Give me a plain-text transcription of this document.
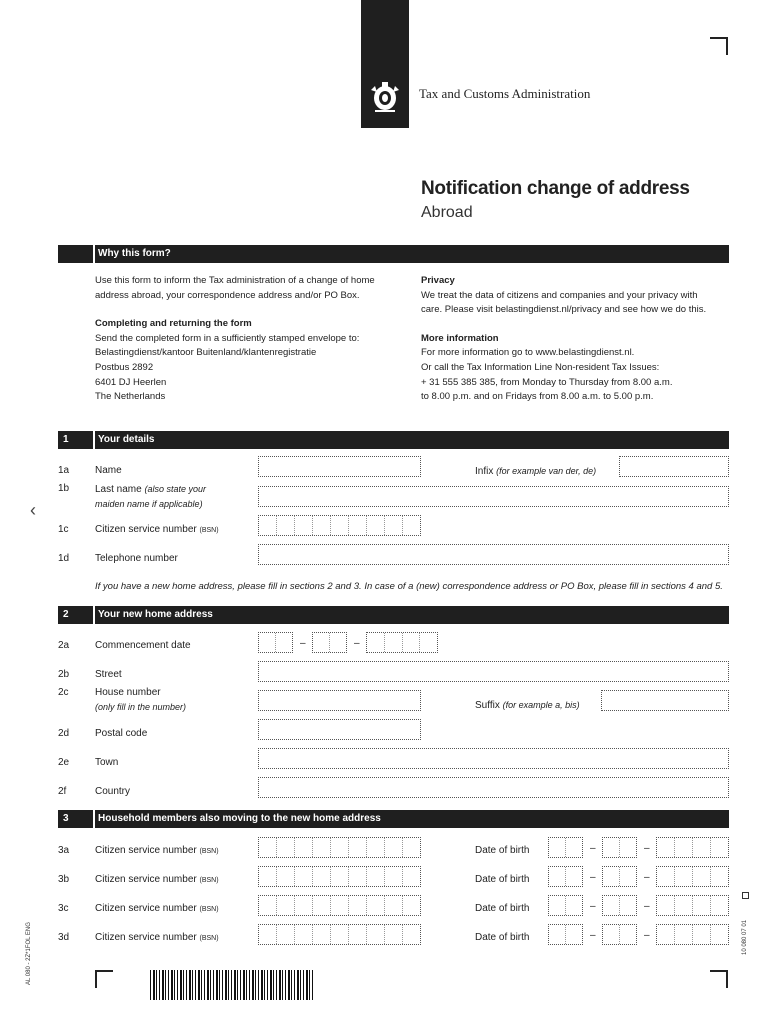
Tax and Customs Administration
Notification change of address
Abroad
Why this form?
Use this form to inform the Tax administration of a change of home
address abroad, your correspondence address and/or PO Box.
Completing and returning the form
Send the completed form in a sufficiently stamped envelope to:
Belastingdienst/kantoor Buitenland/klantenregistratie
Postbus 2892
6401 DJ Heerlen
The Netherlands
Privacy
We treat the data of citizens and companies and your privacy with
care. Please visit belastingdienst.nl/privacy and see how we do this.
More information
For more information go to www.belastingdienst.nl.
Or call the Tax Information Line Non-resident Tax Issues:
+ 31 555 385 385, from Monday to Thursday from 8.00 a.m.
to 8.00 p.m. and on Fridays from 8.00 a.m. to 5.00 p.m.
1	Your details
1a	Name	Infix (for example van der, de)
1b	Last name (also state your
maiden name if applicable)
‹
1c	Citizen service number (BSN)
1d	Telephone number
If you have a new home address, please fill in sections 2 and 3. In case of a (new) correspondence address or PO Box, please fill in sections 4 and 5.
2	Your new home address
2a	Commencement date	–	–
2b	Street
2c	House number
(only fill in the number)	Suffix (for example a, bis)
2d	Postal code
2e	Town
2f	Country
3	Household members also moving to the new home address
3a	Citizen service number (BSN)	Date of birth	–	–
3b	Citizen service number (BSN)	Date of birth	–	–
3c	Citizen service number (BSN)	Date of birth	–	–
3d	Citizen service number (BSN)	Date of birth	–	–
AL 080 - 2Z*1FOL ENG	10 080 07 01
